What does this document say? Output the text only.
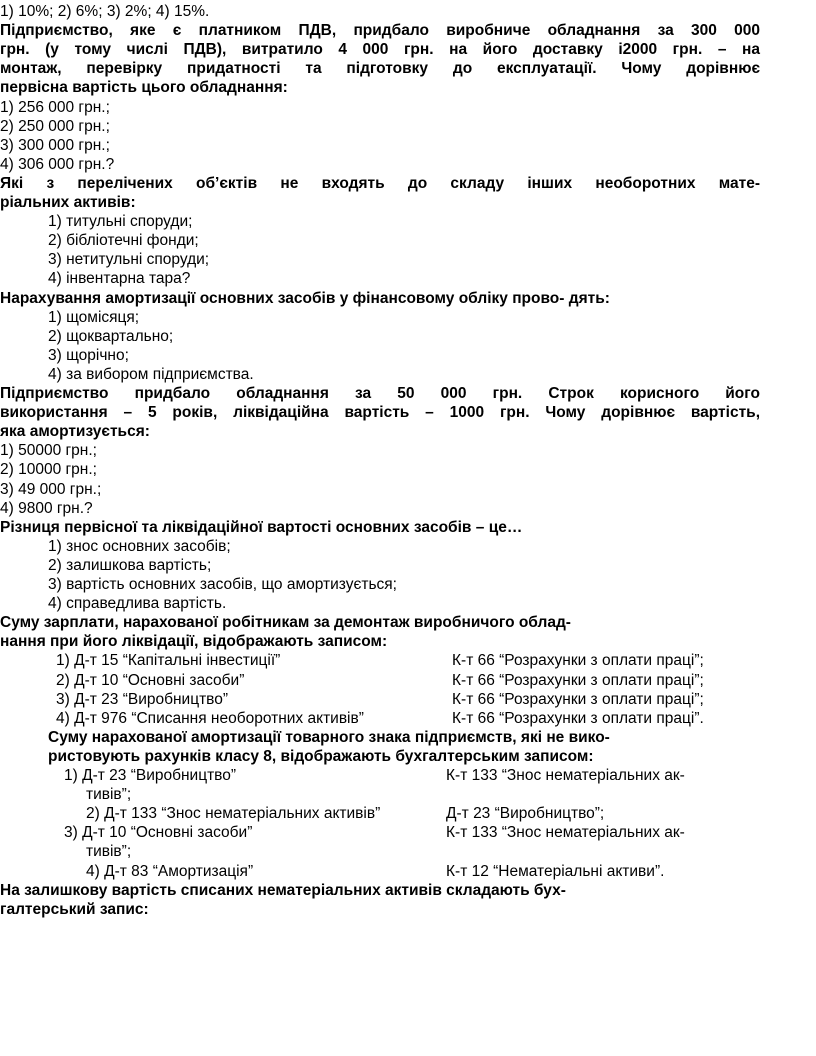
1) 10%; 2) 6%; 3) 2%; 4) 15%.
Підприємство, яке є платником ПДВ, придбало виробниче обладнання за 300 000
грн. (у тому числі ПДВ), витратило 4 000 грн. на його доставку і2000 грн. – на
монтаж, перевірку придатності та підготовку до експлуатації. Чому дорівнює
первісна вартість цього обладнання:
1) 256 000 грн.;
2) 250 000 грн.;
3) 300 000 грн.;
4) 306 000 грн.?
Які з перелічених об’єктів не входять до складу інших необоротних мате-
ріальних активів:
1) титульні споруди;
2) бібліотечні фонди;
3) нетитульні споруди;
4) інвентарна тара?
Нарахування амортизації основних засобів у фінансовому обліку прово- дять:
1) щомісяця;
2) щоквартально;
3) щорічно;
4) за вибором підприємства.
Підприємство придбало обладнання за 50 000 грн. Строк корисного його
використання – 5 років, ліквідаційна вартість – 1000 грн. Чому дорівнює вартість,
яка амортизується:
1) 50000 грн.;
2) 10000 грн.;
3) 49 000 грн.;
4) 9800 грн.?
Різниця первісної та ліквідаційної вартості основних засобів – це…
1) знос основних засобів;
2) залишкова вартість;
3) вартість основних засобів, що амортизується;
4) справедлива вартість.
Суму зарплати, нарахованої робітникам за демонтаж виробничого облад-
нання при його ліквідації, відображають записом:
1) Д-т 15 “Капітальні інвестиції”	К-т 66 “Розрахунки з оплати праці”;
2) Д-т 10 “Основні засоби”	К-т 66 “Розрахунки з оплати праці”;
3) Д-т 23 “Виробництво”	К-т 66 “Розрахунки з оплати праці”;
4) Д-т 976 “Списання необоротних активів”	К-т 66 “Розрахунки з оплати праці”.
Суму нарахованої амортизації товарного знака підприємств, які не вико-
ристовують рахунків класу 8, відображають бухгалтерським записом:
1) Д-т 23 “Виробництво”	К-т 133 “Знос нематеріальних ак-
тивів”;
2) Д-т 133 “Знос нематеріальних активів”	Д-т 23 “Виробництво”;
3) Д-т 10 “Основні засоби”	К-т 133 “Знос нематеріальних ак-
тивів”;
4) Д-т 83 “Амортизація”	К-т 12 “Нематеріальні активи”.
На залишкову вартість списаних нематеріальних активів складають бух-
галтерський запис:
